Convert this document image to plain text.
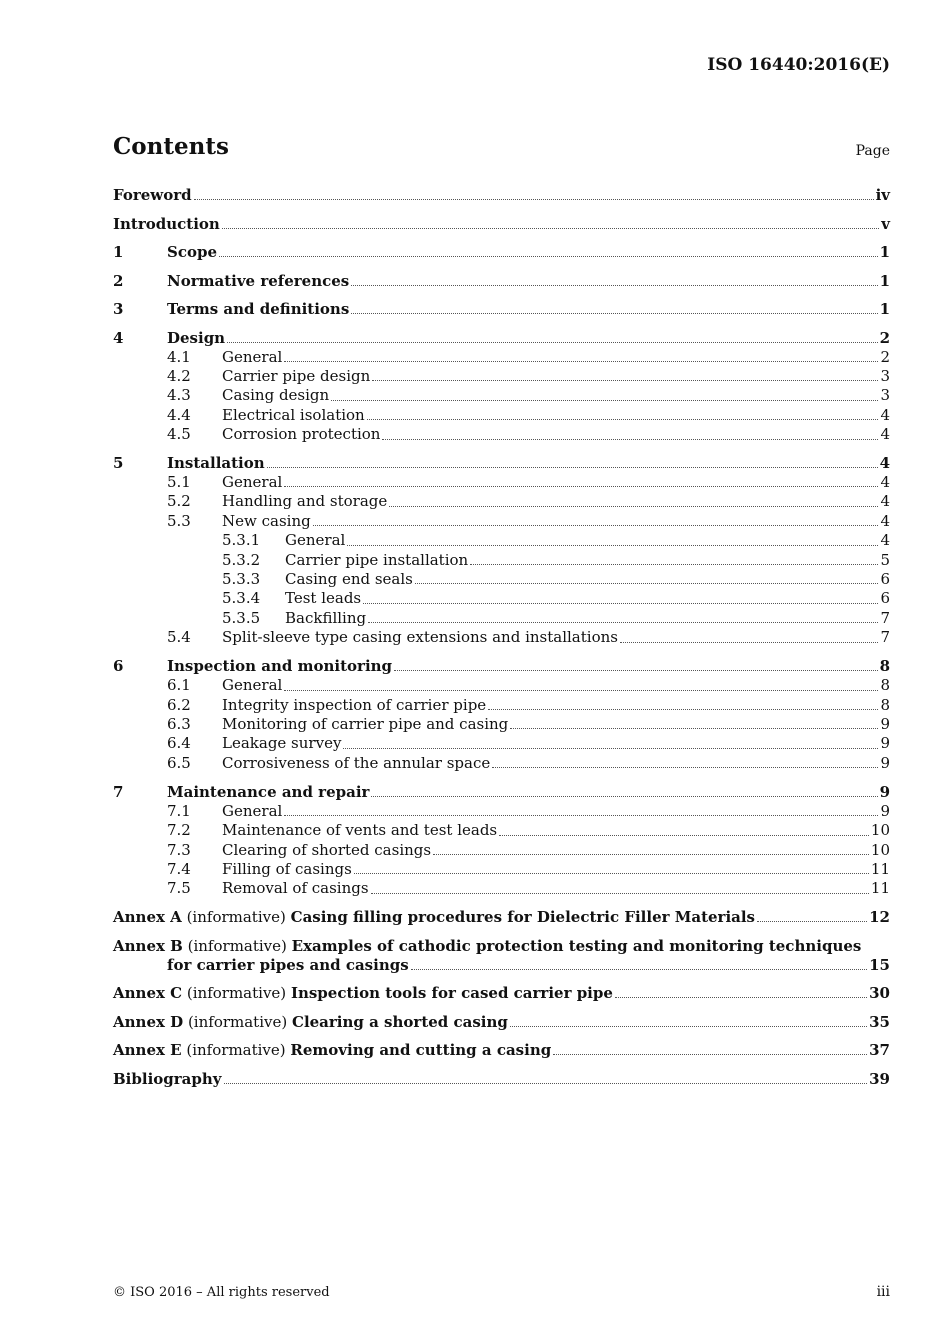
ISO 16440:2016(E)
Contents	Page
Foreword	iv
Introduction	v
1	Scope	1
2	Normative references	1
3	Terms and definitions	1
4	Design	2
4.1	General	2
4.2	Carrier pipe design	3
4.3	Casing design	3
4.4	Electrical isolation	4
4.5	Corrosion protection	4
5	Installation	4
5.1	General	4
5.2	Handling and storage	4
5.3	New casing	4
5.3.1	General	4
5.3.2	Carrier pipe installation	5
5.3.3	Casing end seals	6
5.3.4	Test leads	6
5.3.5	Backfilling	7
5.4	Split-sleeve type casing extensions and installations	7
6	Inspection and monitoring	8
6.1	General	8
6.2	Integrity inspection of carrier pipe	8
6.3	Monitoring of carrier pipe and casing	9
6.4	Leakage survey	9
6.5	Corrosiveness of the annular space	9
7	Maintenance and repair	9
7.1	General	9
7.2	Maintenance of vents and test leads	10
7.3	Clearing of shorted casings	10
7.4	Filling of casings	11
7.5	Removal of casings	11
Annex A (informative) Casing filling procedures for Dielectric Filler Materials	12
Annex B (informative) Examples of cathodic protection testing and monitoring techniques
for carrier pipes and casings	15
Annex C (informative) Inspection tools for cased carrier pipe	30
Annex D (informative) Clearing a shorted casing	35
Annex E (informative) Removing and cutting a casing	37
Bibliography	39
© ISO 2016 – All rights reserved	iii
